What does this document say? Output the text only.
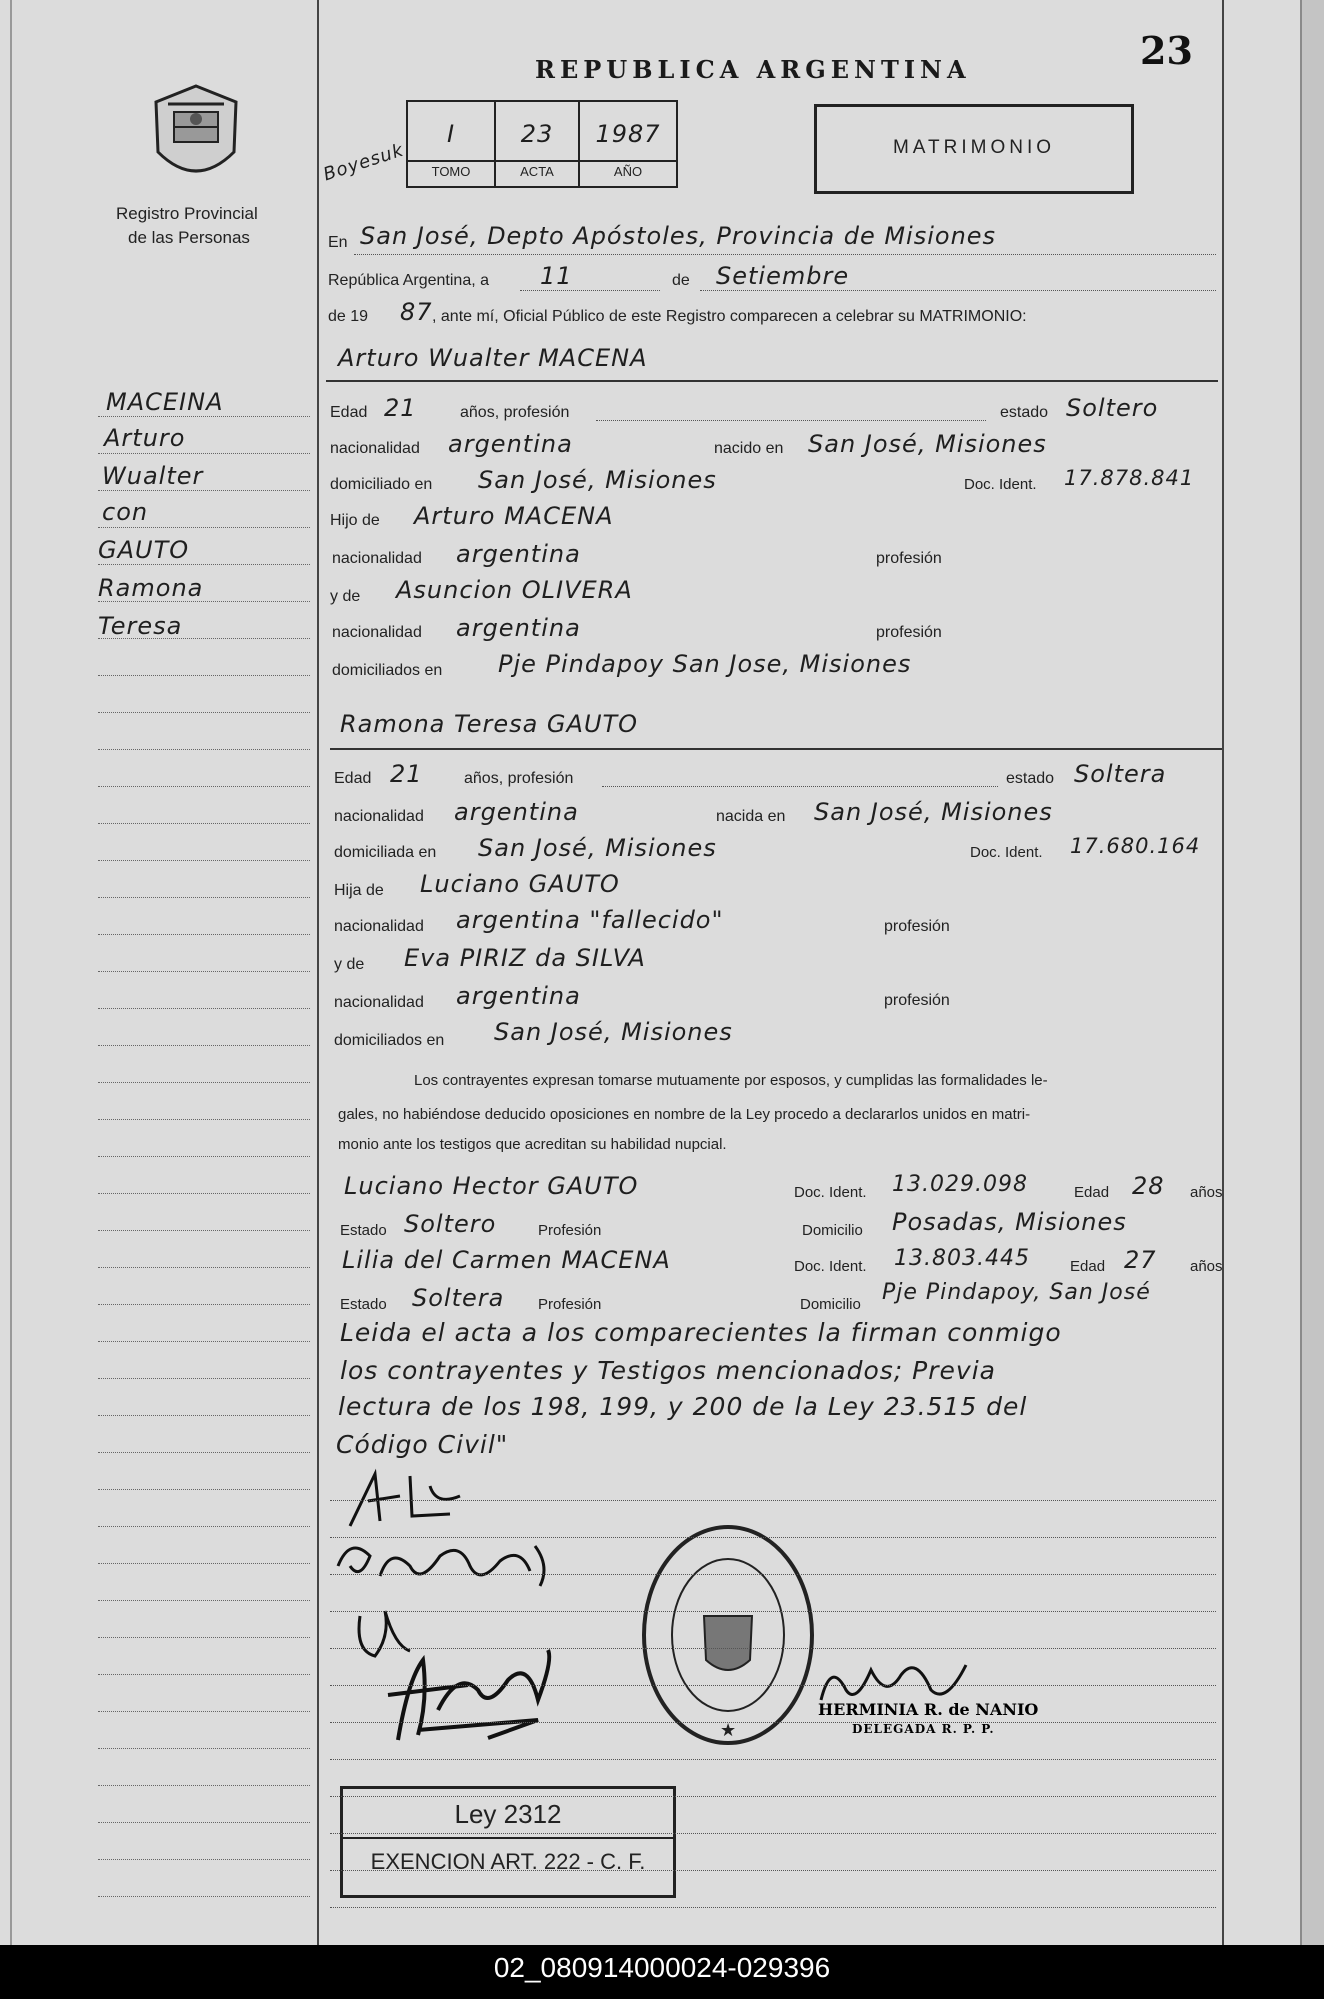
23
REPUBLICA ARGENTINA
Registro Provincial
de las Personas
Boyesuk
I
TOMO
23
ACTA
1987
AÑO
MATRIMONIO
MACEINA
Arturo
Wualter
con
GAUTO
Ramona
Teresa
En San José, Depto Apóstoles, Provincia de Misiones
República Argentina, a 11	de Setiembre
de 19 87 , ante mí, Oficial Público de este Registro comparecen a celebrar su MATRIMONIO:
Arturo Wualter MACENA
Edad 21	años, profesión	estado Soltero
nacionalidad argentina	nacido en San José, Misiones
domiciliado en San José, Misiones	Doc. Ident. 17.878.841
Hijo de Arturo MACENA
nacionalidad argentina	profesión
y de Asuncion OLIVERA
nacionalidad argentina	profesión
domiciliados en Pje Pindapoy San Jose, Misiones
Ramona Teresa GAUTO
Edad 21	años, profesión	estado Soltera
nacionalidad argentina	nacida en San José, Misiones
domiciliada en San José, Misiones	Doc. Ident. 17.680.164
Hija de Luciano GAUTO
nacionalidad argentina "fallecido"	profesión
y de Eva PIRIZ da SILVA
nacionalidad argentina	profesión
domiciliados en San José, Misiones
Los contrayentes expresan tomarse mutuamente por esposos, y cumplidas las formalidades le-
gales, no habiéndose deducido oposiciones en nombre de la Ley procedo a declararlos unidos en matri-
monio ante los testigos que acreditan su habilidad nupcial.
Luciano Hector GAUTO	Doc. Ident. 13.029.098	Edad 28 años
Estado Soltero	Profesión	Domicilio Posadas, Misiones
Lilia del Carmen MACENA	Doc. Ident. 13.803.445	Edad 27 años
Estado Soltera Profesión	Domicilio Pje Pindapoy, San José
Leida el acta a los comparecientes la firman conmigo
los contrayentes y Testigos mencionados; Previa
lectura de los 198, 199, y 200 de la Ley 23.515 del
Código Civil"
★
HERMINIA R. de NANIO
DELEGADA R. P. P.
Ley 2312
EXENCION ART. 222 - C. F.
02_080914000024-029396
